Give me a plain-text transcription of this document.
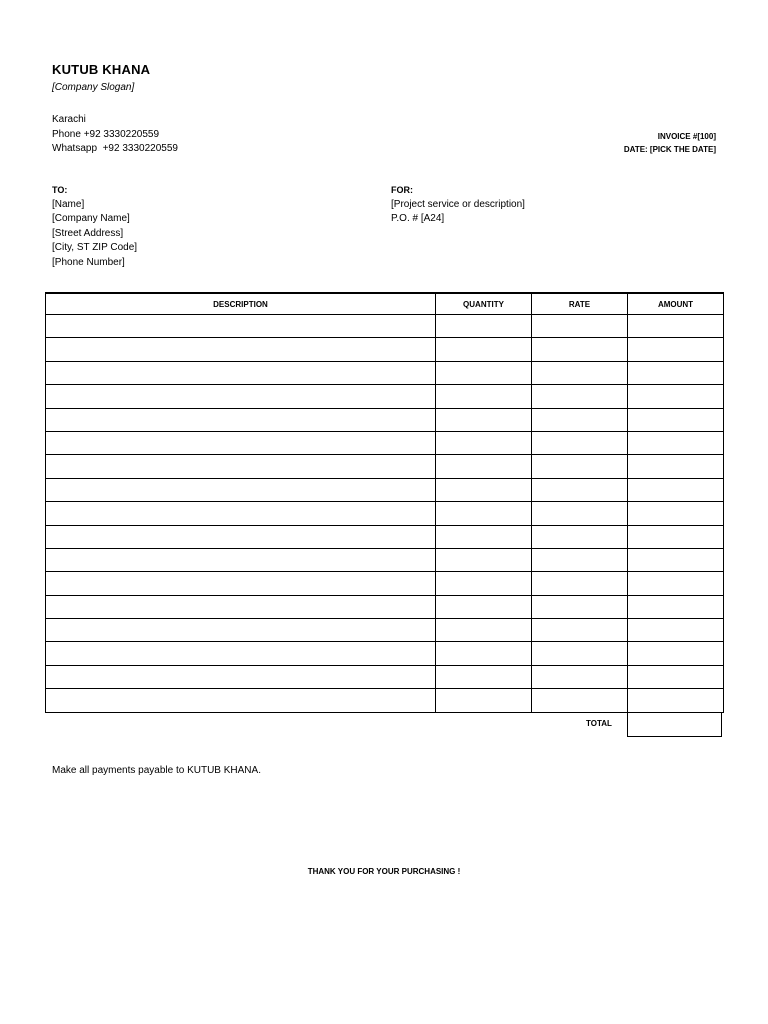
KUTUB KHANA
[Company Slogan]
Karachi
Phone +92 3330220559
Whatsapp  +92 3330220559
INVOICE #[100]
DATE: [PICK THE DATE]
TO:
[Name]
[Company Name]
[Street Address]
[City, ST ZIP Code]
[Phone Number]
FOR:
[Project service or description]
P.O. # [A24]
DESCRIPTION	QUANTITY	RATE	AMOUNT

TOTAL
Make all payments payable to KUTUB KHANA.
THANK YOU FOR YOUR PURCHASING !
